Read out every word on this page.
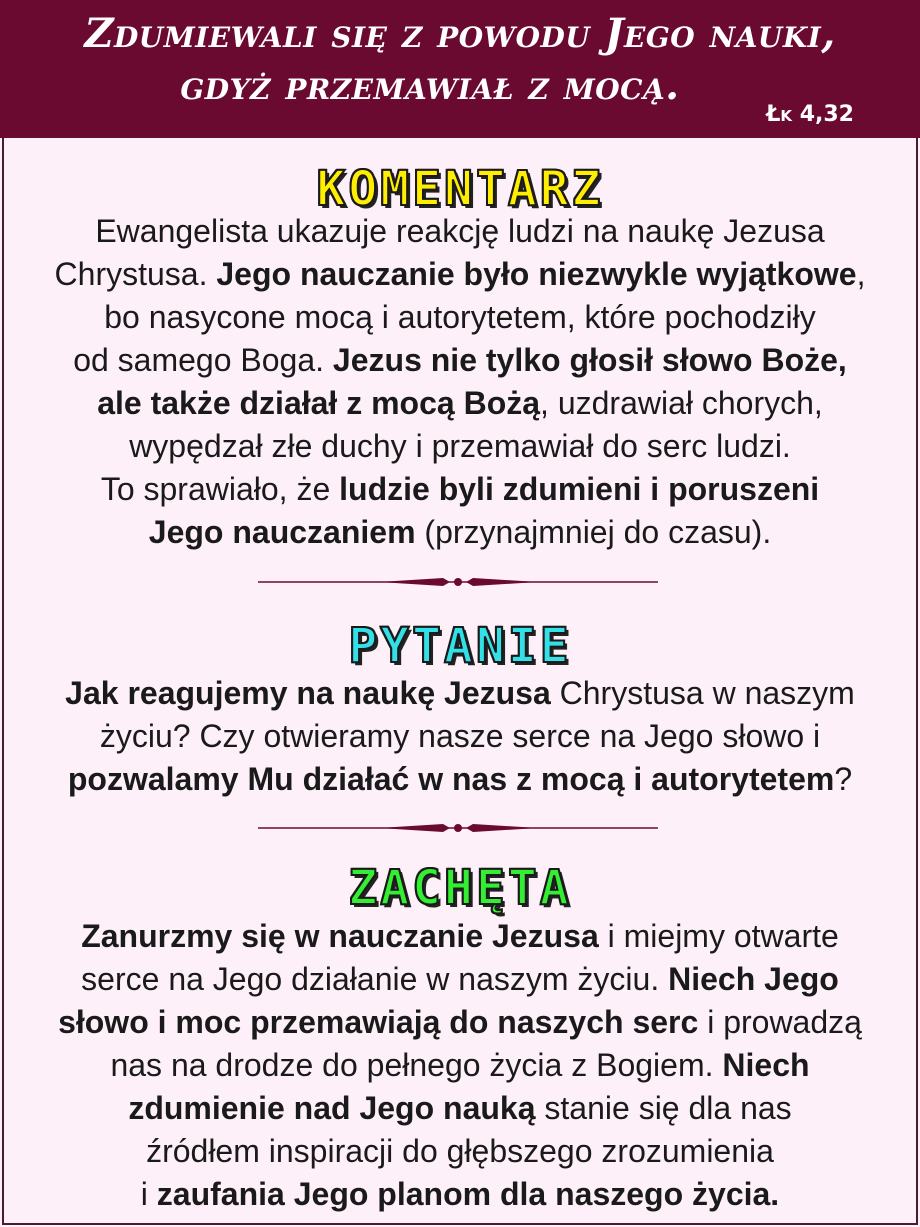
Zdumiewali się z powodu Jego nauki,
gdyż przemawiał z mocą.
Łk 4,32
KOMENTARZ
Ewangelista ukazuje reakcję ludzi na naukę Jezusa
Chrystusa. Jego nauczanie było niezwykle wyjątkowe,
bo nasycone mocą i autorytetem, które pochodziły
od samego Boga. Jezus nie tylko głosił słowo Boże,
ale także działał z mocą Bożą, uzdrawiał chorych,
wypędzał złe duchy i przemawiał do serc ludzi.
To sprawiało, że ludzie byli zdumieni i poruszeni
Jego nauczaniem (przynajmniej do czasu).
PYTANIE
Jak reagujemy na naukę Jezusa Chrystusa w naszym
życiu? Czy otwieramy nasze serce na Jego słowo i
pozwalamy Mu działać w nas z mocą i autorytetem?
ZACHĘTA
Zanurzmy się w nauczanie Jezusa i miejmy otwarte
serce na Jego działanie w naszym życiu. Niech Jego
słowo i moc przemawiają do naszych serc i prowadzą
nas na drodze do pełnego życia z Bogiem. Niech
zdumienie nad Jego nauką stanie się dla nas
źródłem inspiracji do głębszego zrozumienia
i zaufania Jego planom dla naszego życia.
